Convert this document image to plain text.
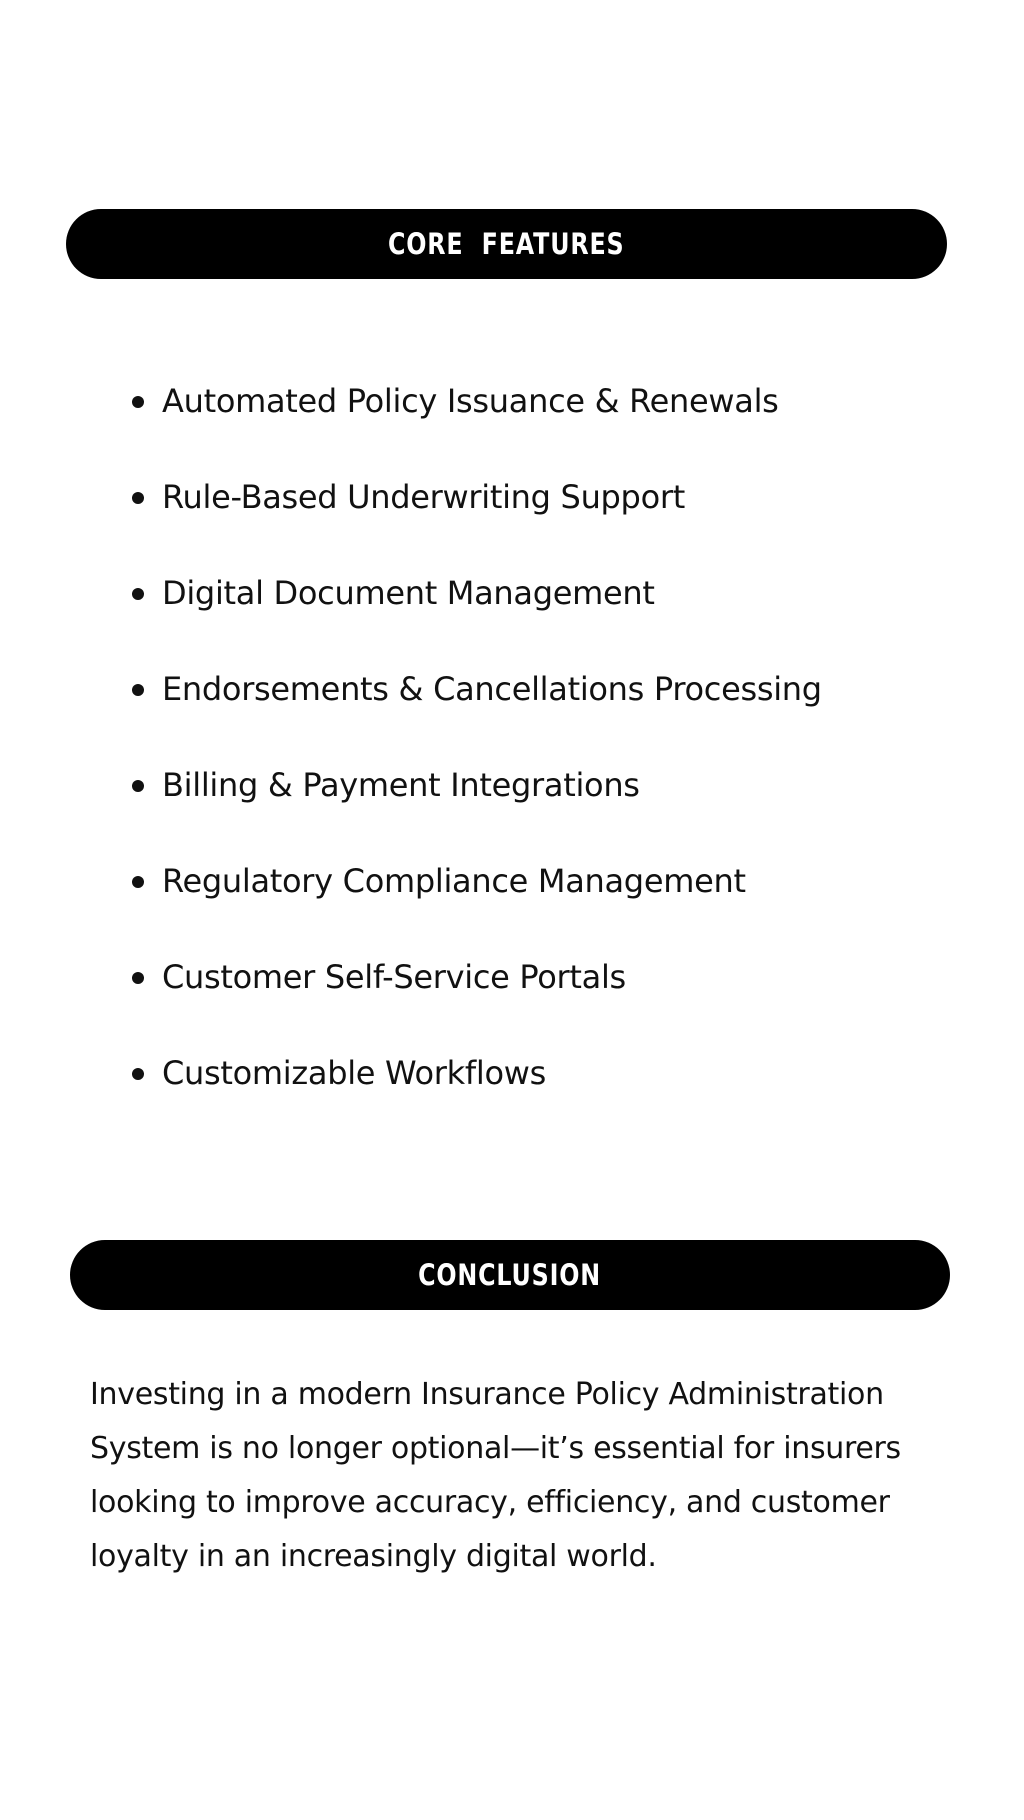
CORE  FEATURES
Automated Policy Issuance & Renewals
Rule-Based Underwriting Support
Digital Document Management
Endorsements & Cancellations Processing
Billing & Payment Integrations
Regulatory Compliance Management
Customer Self-Service Portals
Customizable Workflows
CONCLUSION

Investing in a modern Insurance Policy Administration System is no longer optional—it’s essential for insurers looking to improve accuracy, efficiency, and customer loyalty in an increasingly digital world.
